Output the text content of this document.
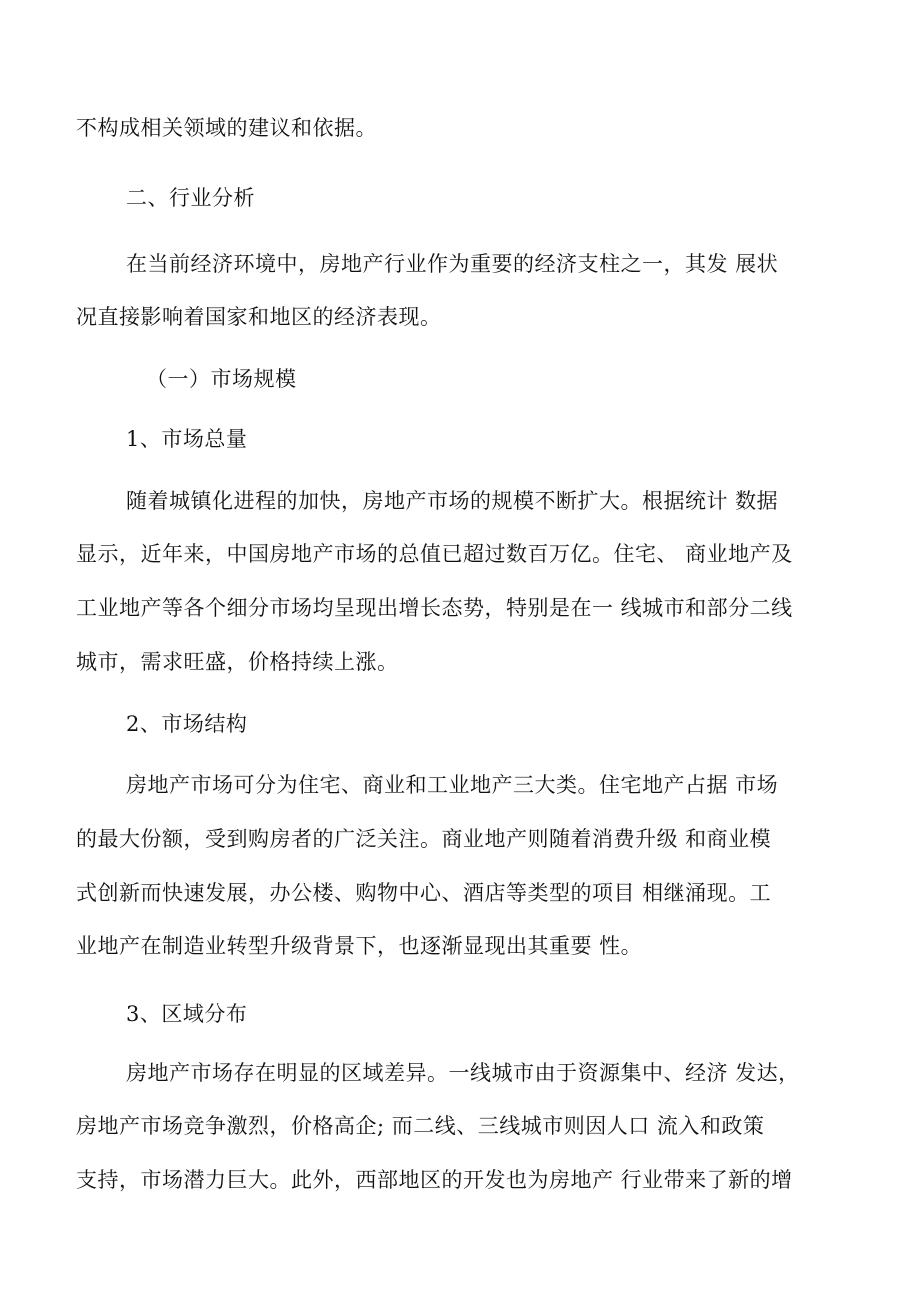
不构成相关领域的建议和依据。
二、行业分析
在当前经济环境中，房地产行业作为重要的经济支柱之一，其发 展状
况直接影响着国家和地区的经济表现。
（一）市场规模
1、市场总量
随着城镇化进程的加快，房地产市场的规模不断扩大。根据统计 数据
显示，近年来，中国房地产市场的总值已超过数百万亿。住宅、 商业地产及
工业地产等各个细分市场均呈现出增长态势，特别是在一 线城市和部分二线
城市，需求旺盛，价格持续上涨。
2、市场结构
房地产市场可分为住宅、商业和工业地产三大类。住宅地产占据 市场
的最大份额，受到购房者的广泛关注。商业地产则随着消费升级 和商业模
式创新而快速发展，办公楼、购物中心、酒店等类型的项目 相继涌现。工
业地产在制造业转型升级背景下，也逐渐显现出其重要 性。
3、区域分布
房地产市场存在明显的区域差异。一线城市由于资源集中、经济 发达，
房地产市场竞争激烈，价格高企; 而二线、三线城市则因人口 流入和政策
支持，市场潜力巨大。此外，西部地区的开发也为房地产 行业带来了新的增
